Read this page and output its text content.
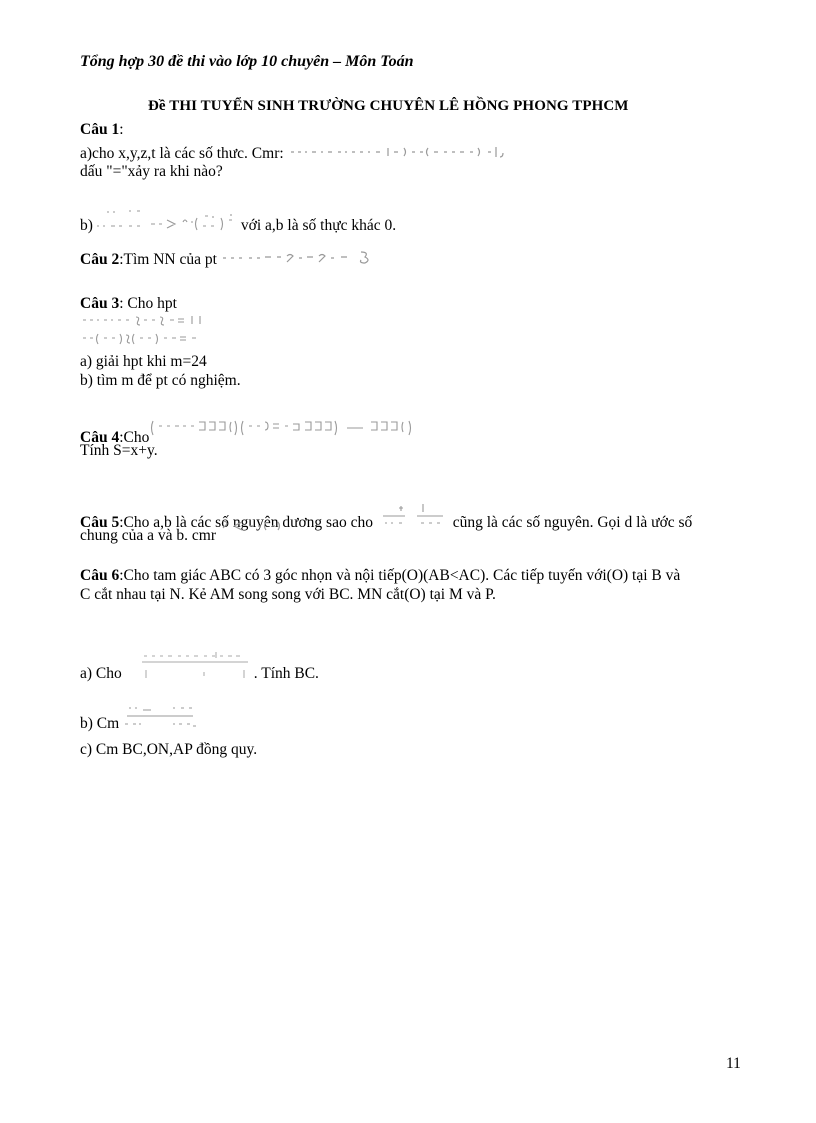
Tổng hợp 30 đề thi vào lớp 10 chuyên – Môn Toán
Đề THI TUYỂN SINH TRƯỜNG CHUYÊN LÊ HỒNG PHONG TPHCM
Câu 1:
a)cho x,y,z,t là các số thưc. Cmr:
dấu "="xảy ra khi nào?
b)	với a,b là số thực khác 0.
Câu 2:Tìm NN của pt
Câu 3: Cho hpt
a) giải hpt khi m=24
b) tìm m để pt có nghiệm.
Câu 4:Cho
Tính S=x+y.
Câu 5:Cho a,b là các số nguyên dương sao cho	cũng là các số nguyên. Gọi d là ước số
chung của a và b. cmr
Câu 6:Cho tam giác ABC có 3 góc nhọn và nội tiếp(O)(AB<AC). Các tiếp tuyến với(O) tại B và
C cắt nhau tại N. Kẻ AM song song với BC. MN cắt(O) tại M và P.
a) Cho	. Tính BC.
b) Cm
c) Cm BC,ON,AP đồng quy.
11
